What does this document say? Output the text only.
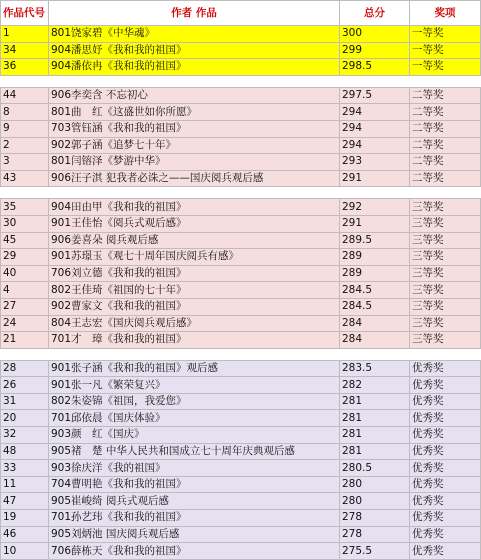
作品代号	作者 作品	总分	奖项
1	801饶家碧《中华魂》	300	一等奖
34	904潘思妤《我和我的祖国》	299	一等奖
36	904潘依冉《我和我的祖国》	298.5	一等奖

44	906李奕含 不忘初心	297.5	二等奖
8	801曲　红《这盛世如你所愿》	294	二等奖
9	703管钰涵《我和我的祖国》	294	二等奖
2	902郭子涵《追梦七十年》	294	二等奖
3	801闫镕泽《梦游中华》	293	二等奖
43	906汪子淇 犯我者必诛之——国庆阅兵观后感	291	二等奖

35	904田由甲《我和我的祖国》	292	三等奖
30	901王佳怡《阅兵式观后感》	291	三等奖
45	906姜喜朵 阅兵观后感	289.5	三等奖
29	901苏璟玉《观七十周年国庆阅兵有感》	289	三等奖
40	706刘立德《我和我的祖国》	289	三等奖
4	802王佳琦《祖国的七十年》	284.5	三等奖
27	902曹家文《我和我的祖国》	284.5	三等奖
24	804王志宏《国庆阅兵观后感》	284	三等奖
21	701才　璋《我和我的祖国》	284	三等奖

28	901张子涵《我和我的祖国》观后感	283.5	优秀奖
26	901张一凡《繁荣复兴》	282	优秀奖
31	802朱姿锦《祖国，我爱您》	281	优秀奖
20	701邱依晨《国庆体验》	281	优秀奖
32	903颜　红《国庆》	281	优秀奖
48	905褚　楚 中华人民共和国成立七十周年庆典观后感	281	优秀奖
33	903徐庆洋《我的祖国》	280.5	优秀奖
11	704曹明艳《我和我的祖国》	280	优秀奖
47	905崔峻绮 阅兵式观后感	280	优秀奖
19	701孙艺玮《我和我的祖国》	278	优秀奖
46	905刘炳池 国庆阅兵观后感	278	优秀奖
10	706薛栋天《我和我的祖国》	275.5	优秀奖
